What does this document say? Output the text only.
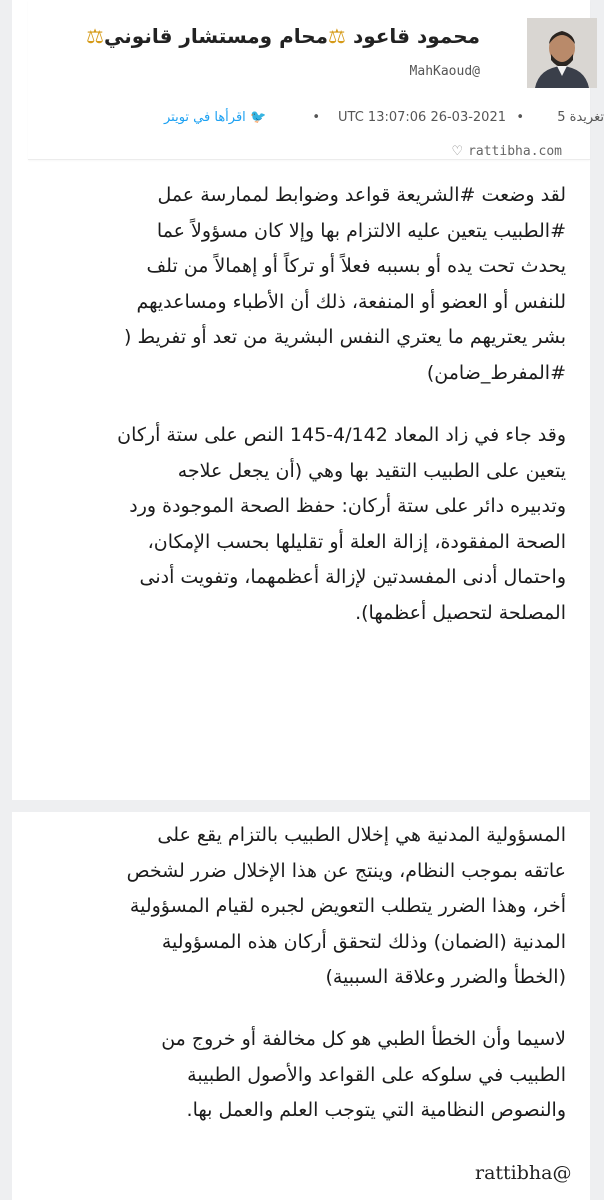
محمود قاعود ⚖محام ومستشار قانوني⚖
MahKaoud@
5 تغريدة
•
UTC 13:07:06 26-03-2021
•
🐦 اقرأها في تويتر
♡ rattibha.com
لقد وضعت #الشريعة قواعد وضوابط لممارسة عمل
#الطبيب يتعين عليه الالتزام بها وإلا كان مسؤولاً عما
يحدث تحت يده أو بسببه فعلاً أو تركاً أو إهمالاً من تلف
للنفس أو العضو أو المنفعة، ذلك أن الأطباء ومساعديهم
بشر يعتريهم ما يعتري النفس البشرية من تعد أو تفريط (
#المفرط_ضامن)
وقد جاء في زاد المعاد 4/142-145 النص على ستة أركان
يتعين على الطبيب التقيد بها وهي (أن يجعل علاجه
وتدبيره دائر على ستة أركان: حفظ الصحة الموجودة ورد
الصحة المفقودة، إزالة العلة أو تقليلها بحسب الإمكان،
واحتمال أدنى المفسدتين لإزالة أعظمهما، وتفويت أدنى
المصلحة لتحصيل أعظمها).
المسؤولية المدنية هي إخلال الطبيب بالتزام يقع على
عاتقه بموجب النظام، وينتج عن هذا الإخلال ضرر لشخص
أخر، وهذا الضرر يتطلب التعويض لجبره لقيام المسؤولية
المدنية (الضمان) وذلك لتحقق أركان هذه المسؤولية
(الخطأ والضرر وعلاقة السببية)
لاسيما وأن الخطأ الطبي هو كل مخالفة أو خروج من
الطبيب في سلوكه على القواعد والأصول الطبيبة
والنصوص النظامية التي يتوجب العلم والعمل بها.
rattibha@
